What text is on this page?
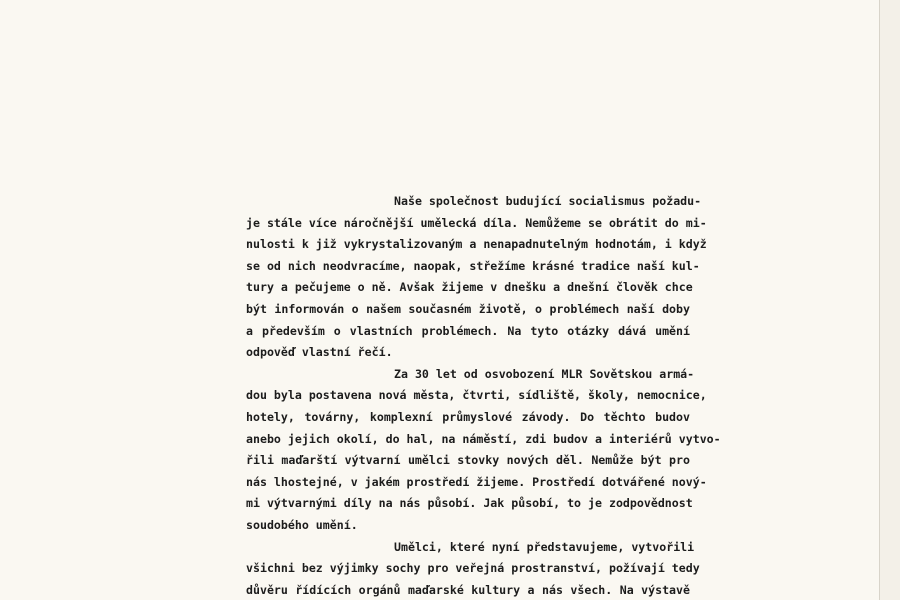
Naše společnost budující socialismus požadu-
je stále více náročnější umělecká díla. Nemůžeme se obrátit do mi-
nulosti k již vykrystalizovaným a nenapadnutelným hodnotám, i když
se od nich neodvracíme, naopak, střežíme krásné tradice naší kul-
tury a pečujeme o ně. Avšak žijeme v dnešku a dnešní člověk chce
být informován o našem současném životě, o problémech naší doby
a především o vlastních problémech. Na tyto otázky dává umění
odpověď vlastní řečí.
Za 30 let od osvobození MLR Sovětskou armá-
dou byla postavena nová města, čtvrti, sídliště, školy, nemocnice,
hotely, továrny, komplexní průmyslové závody. Do těchto budov
anebo jejich okolí, do hal, na náměstí, zdi budov a interiérů vytvo-
řili maďarští výtvarní umělci stovky nových děl. Nemůže být pro
nás lhostejné, v jakém prostředí žijeme. Prostředí dotvářené nový-
mi výtvarnými díly na nás působí. Jak působí, to je zodpovědnost
soudobého umění.
Umělci, které nyní představujeme, vytvořili
všichni bez výjimky sochy pro veřejná prostranství, požívají tedy
důvěru řídících orgánů maďarské kultury a nás všech. Na výstavě
